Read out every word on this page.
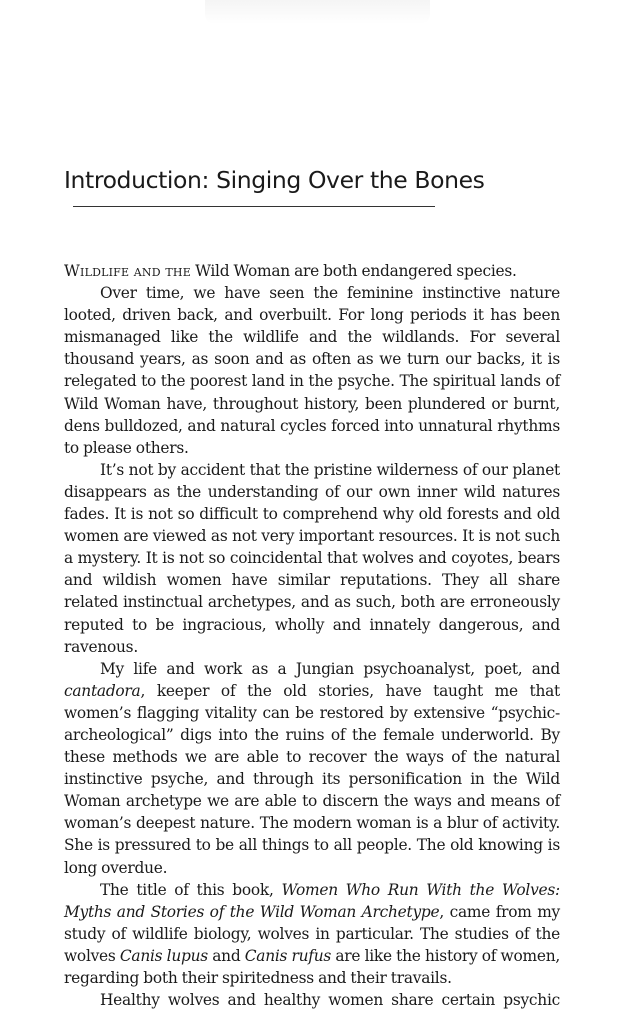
Introduction: Singing Over the Bones

Wildlife and the Wild Woman are both endangered species.

Over time, we have seen the feminine instinctive nature looted, driven back, and overbuilt. For long periods it has been mismanaged like the wildlife and the wildlands. For several thousand years, as soon and as often as we turn our backs, it is relegated to the poorest land in the psyche. The spiritual lands of Wild Woman have, throughout history, been plundered or burnt, dens bulldozed, and natural cycles forced into unnatural rhythms to please others.

It’s not by accident that the pristine wilderness of our planet disappears as the understanding of our own inner wild natures fades. It is not so difficult to comprehend why old forests and old women are viewed as not very important resources. It is not such a mystery. It is not so coincidental that wolves and coyotes, bears and wildish women have similar reputations. They all share related instinctual archetypes, and as such, both are erroneously reputed to be ingracious, wholly and innately dangerous, and ravenous.

My life and work as a Jungian psychoanalyst, poet, and cantadora, keeper of the old stories, have taught me that women’s flagging vitality can be restored by extensive “psychic-archeological” digs into the ruins of the female underworld. By these methods we are able to recover the ways of the natural instinctive psyche, and through its personification in the Wild Woman archetype we are able to discern the ways and means of woman’s deepest nature. The modern woman is a blur of activity. She is pressured to be all things to all people. The old knowing is long overdue.

The title of this book, Women Who Run With the Wolves: Myths and Stories of the Wild Woman Archetype, came from my study of wildlife biology, wolves in particular. The studies of the wolves Canis lupus and Canis rufus are like the history of women, regarding both their spiritedness and their travails.

Healthy wolves and healthy women share certain psychic
